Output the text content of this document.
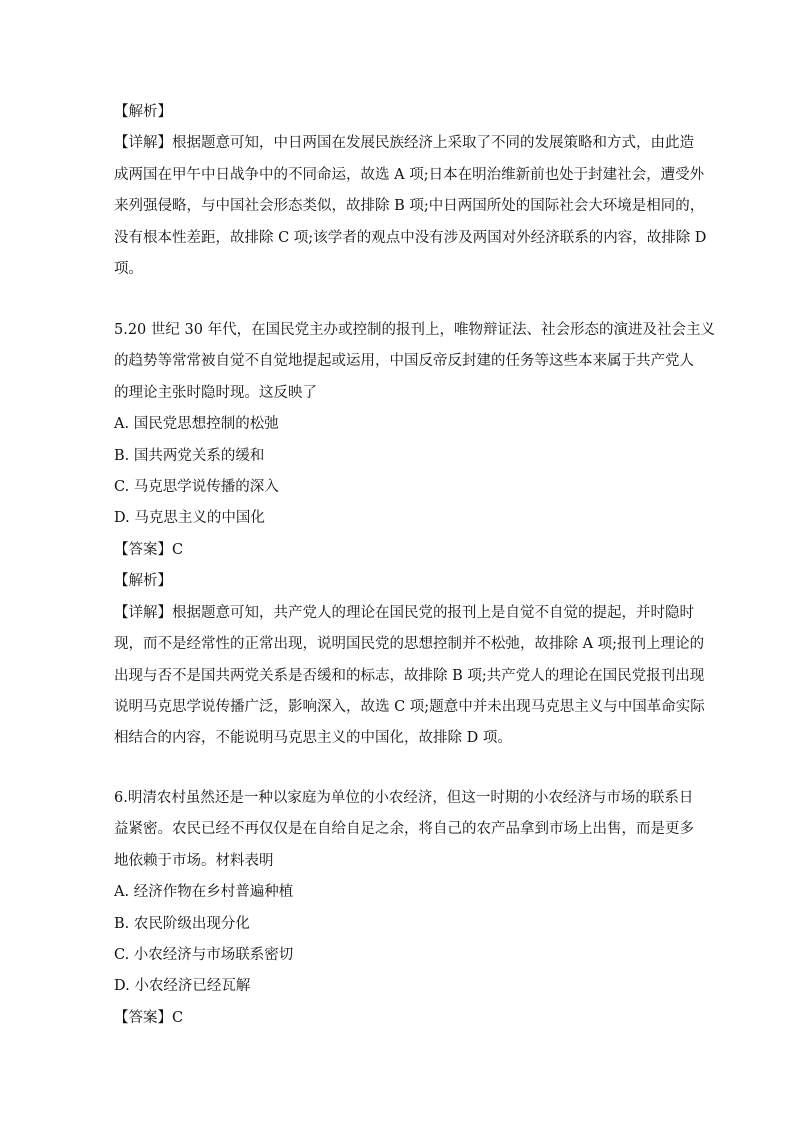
【解析】
【详解】根据题意可知，中日两国在发展民族经济上采取了不同的发展策略和方式，由此造
成两国在甲午中日战争中的不同命运，故选 A 项;日本在明治维新前也处于封建社会，遭受外
来列强侵略，与中国社会形态类似，故排除 B 项;中日两国所处的国际社会大环境是相同的，
没有根本性差距，故排除 C 项;该学者的观点中没有涉及两国对外经济联系的内容，故排除 D
项。
5.20 世纪 30 年代，在国民党主办或控制的报刊上，唯物辩证法、社会形态的演进及社会主义
的趋势等常常被自觉不自觉地提起或运用，中国反帝反封建的任务等这些本来属于共产党人
的理论主张时隐时现。这反映了
A. 国民党思想控制的松弛
B. 国共两党关系的缓和
C. 马克思学说传播的深入
D. 马克思主义的中国化
【答案】C
【解析】
【详解】根据题意可知，共产党人的理论在国民党的报刊上是自觉不自觉的提起，并时隐时
现，而不是经常性的正常出现，说明国民党的思想控制并不松弛，故排除 A 项;报刊上理论的
出现与否不是国共两党关系是否缓和的标志，故排除 B 项;共产党人的理论在国民党报刊出现
说明马克思学说传播广泛，影响深入，故选 C 项;题意中并未出现马克思主义与中国革命实际
相结合的内容，不能说明马克思主义的中国化，故排除 D 项。
6.明清农村虽然还是一种以家庭为单位的小农经济，但这一时期的小农经济与市场的联系日
益紧密。农民已经不再仅仅是在自给自足之余，将自己的农产品拿到市场上出售，而是更多
地依赖于市场。材料表明
A. 经济作物在乡村普遍种植
B. 农民阶级出现分化
C. 小农经济与市场联系密切
D. 小农经济已经瓦解
【答案】C
